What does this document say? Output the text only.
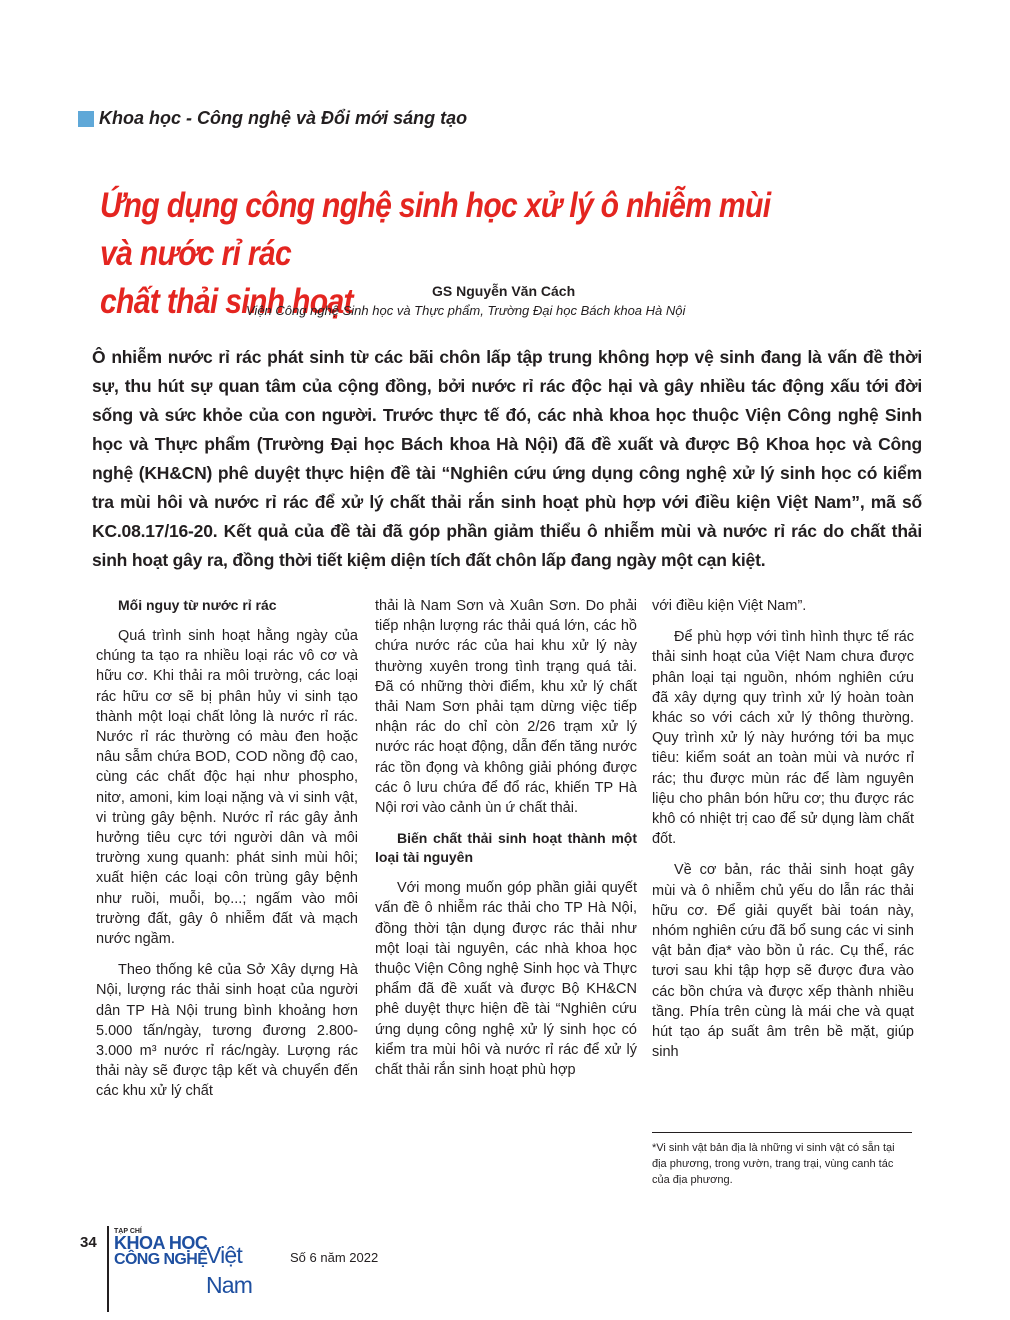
Khoa học - Công nghệ và Đổi mới sáng tạo
Ứng dụng công nghệ sinh học xử lý ô nhiễm mùi và nước rỉ rác
chất thải sinh hoạt	GS Nguyễn Văn Cách
Viện Công nghệ Sinh học và Thực phẩm, Trường Đại học Bách khoa Hà Nội

Ô nhiễm nước rỉ rác phát sinh từ các bãi chôn lấp tập trung không hợp vệ sinh đang là vấn đề thời sự, thu hút sự quan tâm của cộng đồng, bởi nước rỉ rác độc hại và gây nhiều tác động xấu tới đời sống và sức khỏe của con người. Trước thực tế đó, các nhà khoa học thuộc Viện Công nghệ Sinh học và Thực phẩm (Trường Đại học Bách khoa Hà Nội) đã đề xuất và được Bộ Khoa học và Công nghệ (KH&CN) phê duyệt thực hiện đề tài “Nghiên cứu ứng dụng công nghệ xử lý sinh học có kiểm tra mùi hôi và nước rỉ rác để xử lý chất thải rắn sinh hoạt phù hợp với điều kiện Việt Nam”, mã số KC.08.17/16-20. Kết quả của đề tài đã góp phần giảm thiểu ô nhiễm mùi và nước rỉ rác do chất thải sinh hoạt gây ra, đồng thời tiết kiệm diện tích đất chôn lấp đang ngày một cạn kiệt.

Mối nguy từ nước rỉ rác

Quá trình sinh hoạt hằng ngày của chúng ta tạo ra nhiều loại rác vô cơ và hữu cơ. Khi thải ra môi trường, các loại rác hữu cơ sẽ bị phân hủy vi sinh tạo thành một loại chất lỏng là nước rỉ rác. Nước rỉ rác thường có màu đen hoặc nâu sẫm chứa BOD, COD nồng độ cao, cùng các chất độc hại như phospho, nitơ, amoni, kim loại nặng và vi sinh vật, vi trùng gây bệnh. Nước rỉ rác gây ảnh hưởng tiêu cực tới người dân và môi trường xung quanh: phát sinh mùi hôi; xuất hiện các loại côn trùng gây bệnh như ruồi, muỗi, bọ...; ngấm vào môi trường đất, gây ô nhiễm đất và mạch nước ngầm.

Theo thống kê của Sở Xây dựng Hà Nội, lượng rác thải sinh hoạt của người dân TP Hà Nội trung bình khoảng hơn 5.000 tấn/ngày, tương đương 2.800-3.000 m³ nước rỉ rác/ngày. Lượng rác thải này sẽ được tập kết và chuyển đến các khu xử lý chất

thải là Nam Sơn và Xuân Sơn. Do phải tiếp nhận lượng rác thải quá lớn, các hồ chứa nước rác của hai khu xử lý này thường xuyên trong tình trạng quá tải. Đã có những thời điểm, khu xử lý chất thải Nam Sơn phải tạm dừng việc tiếp nhận rác do chỉ còn 2/26 trạm xử lý nước rác hoạt động, dẫn đến tăng nước rác tồn đọng và không giải phóng được các ô lưu chứa để đổ rác, khiến TP Hà Nội rơi vào cảnh ùn ứ chất thải.

Biến chất thải sinh hoạt thành một loại tài nguyên

Với mong muốn góp phần giải quyết vấn đề ô nhiễm rác thải cho TP Hà Nội, đồng thời tận dụng được rác thải như một loại tài nguyên, các nhà khoa học thuộc Viện Công nghệ Sinh học và Thực phẩm đã đề xuất và được Bộ KH&CN phê duyệt thực hiện đề tài “Nghiên cứu ứng dụng công nghệ xử lý sinh học có kiểm tra mùi hôi và nước rỉ rác để xử lý chất thải rắn sinh hoạt phù hợp

với điều kiện Việt Nam”.

Để phù hợp với tình hình thực tế rác thải sinh hoạt của Việt Nam chưa được phân loại tại nguồn, nhóm nghiên cứu đã xây dựng quy trình xử lý hoàn toàn khác so với cách xử lý thông thường. Quy trình xử lý này hướng tới ba mục tiêu: kiểm soát an toàn mùi và nước rỉ rác; thu được mùn rác để làm nguyên liệu cho phân bón hữu cơ; thu được rác khô có nhiệt trị cao để sử dụng làm chất đốt.

Về cơ bản, rác thải sinh hoạt gây mùi và ô nhiễm chủ yếu do lẫn rác thải hữu cơ. Để giải quyết bài toán này, nhóm nghiên cứu đã bổ sung các vi sinh vật bản địa* vào bồn ủ rác. Cụ thể, rác tươi sau khi tập hợp sẽ được đưa vào các bồn chứa và được xếp thành nhiều tầng. Phía trên cùng là mái che và quạt hút tạo áp suất âm trên bề mặt, giúp sinh

*Vi sinh vật bản địa là những vi sinh vật có sẵn tại địa phương, trong vườn, trang trại, vùng canh tác của địa phương.
34
TẠP CHÍ
KHOA HỌC
CÔNG NGHỆ
Việt Nam
Số 6 năm 2022
